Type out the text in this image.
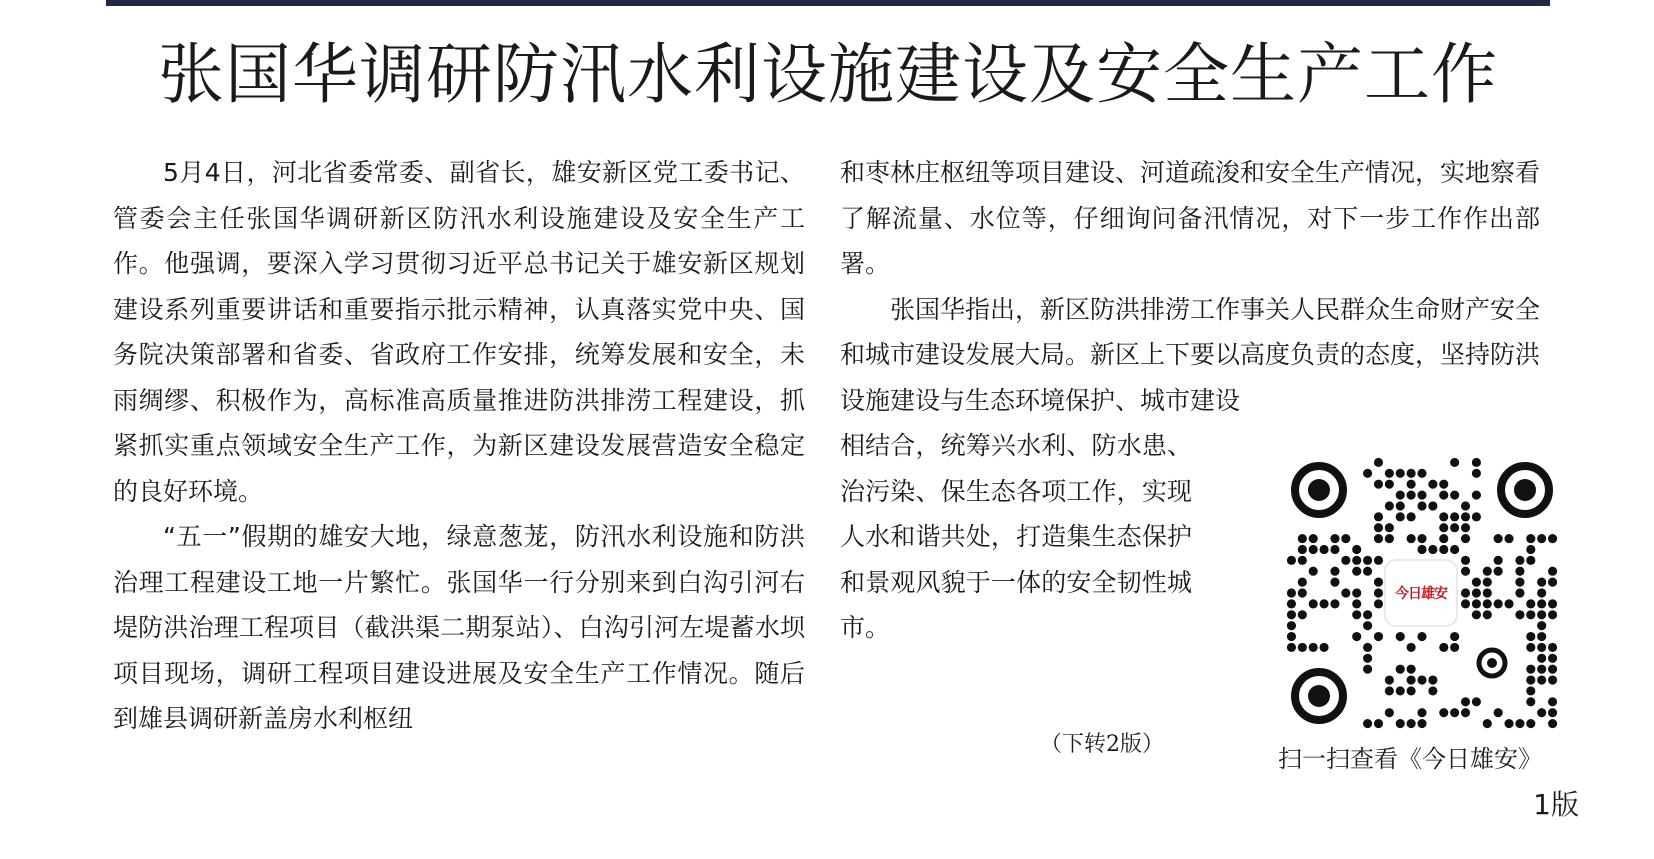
张国华调研防汛水利设施建设及安全生产工作

5月4日，河北省委常委、副省长，雄安新区党工委书记、管委会主任张国华调研新区防汛水利设施建设及安全生产工作。他强调，要深入学习贯彻习近平总书记关于雄安新区规划建设系列重要讲话和重要指示批示精神，认真落实党中央、国务院决策部署和省委、省政府工作安排，统筹发展和安全，未雨绸缪、积极作为，高标准高质量推进防洪排涝工程建设，抓紧抓实重点领域安全生产工作，为新区建设发展营造安全稳定的良好环境。

“五一”假期的雄安大地，绿意葱茏，防汛水利设施和防洪治理工程建设工地一片繁忙。张国华一行分别来到白沟引河右堤防洪治理工程项目（截洪渠二期泵站）、白沟引河左堤蓄水坝项目现场，调研工程项目建设进展及安全生产工作情况。随后到雄县调研新盖房水利枢纽

和枣林庄枢纽等项目建设、河道疏浚和安全生产情况，实地察看了解流量、水位等，仔细询问备汛情况，对下一步工作作出部署。

张国华指出，新区防洪排涝工作事关人民群众生命财产安全和城市建设发展大局。新区上下要以高度负责的态度，坚持防洪设施建设与生态环境保护、城市建设

相结合，统筹兴水利、防水患、治污染、保生态各项工作，实现人水和谐共处，打造集生态保护和景观风貌于一体的安全韧性城市。

（下转2版）
今日雄安
扫一扫查看《今日雄安》
1版
